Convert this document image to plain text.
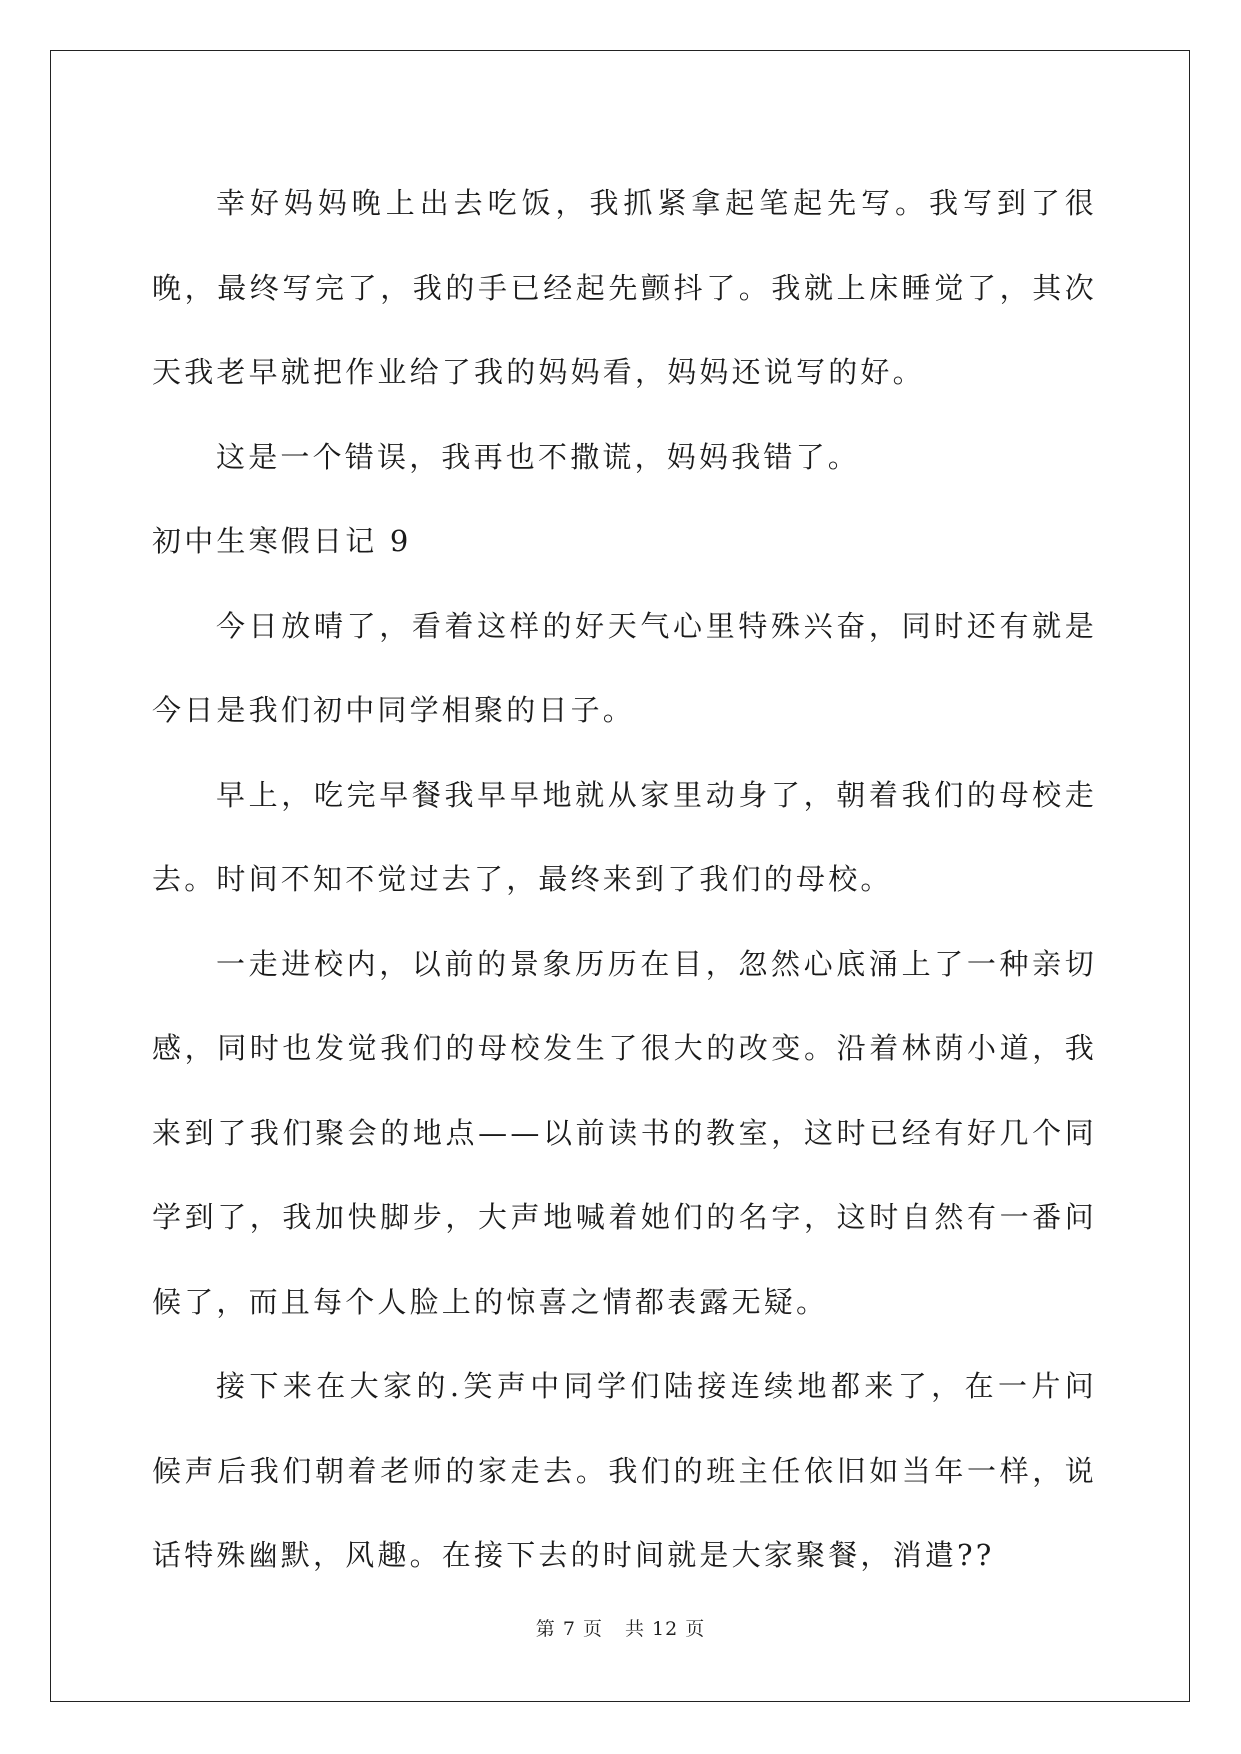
幸好妈妈晚上出去吃饭，我抓紧拿起笔起先写。我写到了很晚，最终写完了，我的手已经起先颤抖了。我就上床睡觉了，其次天我老早就把作业给了我的妈妈看，妈妈还说写的好。

这是一个错误，我再也不撒谎，妈妈我错了。

初中生寒假日记 9

今日放晴了，看着这样的好天气心里特殊兴奋，同时还有就是今日是我们初中同学相聚的日子。

早上，吃完早餐我早早地就从家里动身了，朝着我们的母校走去。时间不知不觉过去了，最终来到了我们的母校。

一走进校内，以前的景象历历在目，忽然心底涌上了一种亲切感，同时也发觉我们的母校发生了很大的改变。沿着林荫小道，我来到了我们聚会的地点——以前读书的教室，这时已经有好几个同学到了，我加快脚步，大声地喊着她们的名字，这时自然有一番问候了，而且每个人脸上的惊喜之情都表露无疑。

接下来在大家的.笑声中同学们陆接连续地都来了，在一片问候声后我们朝着老师的家走去。我们的班主任依旧如当年一样，说话特殊幽默，风趣。在接下去的时间就是大家聚餐，消遣??

第 7 页 共 12 页
